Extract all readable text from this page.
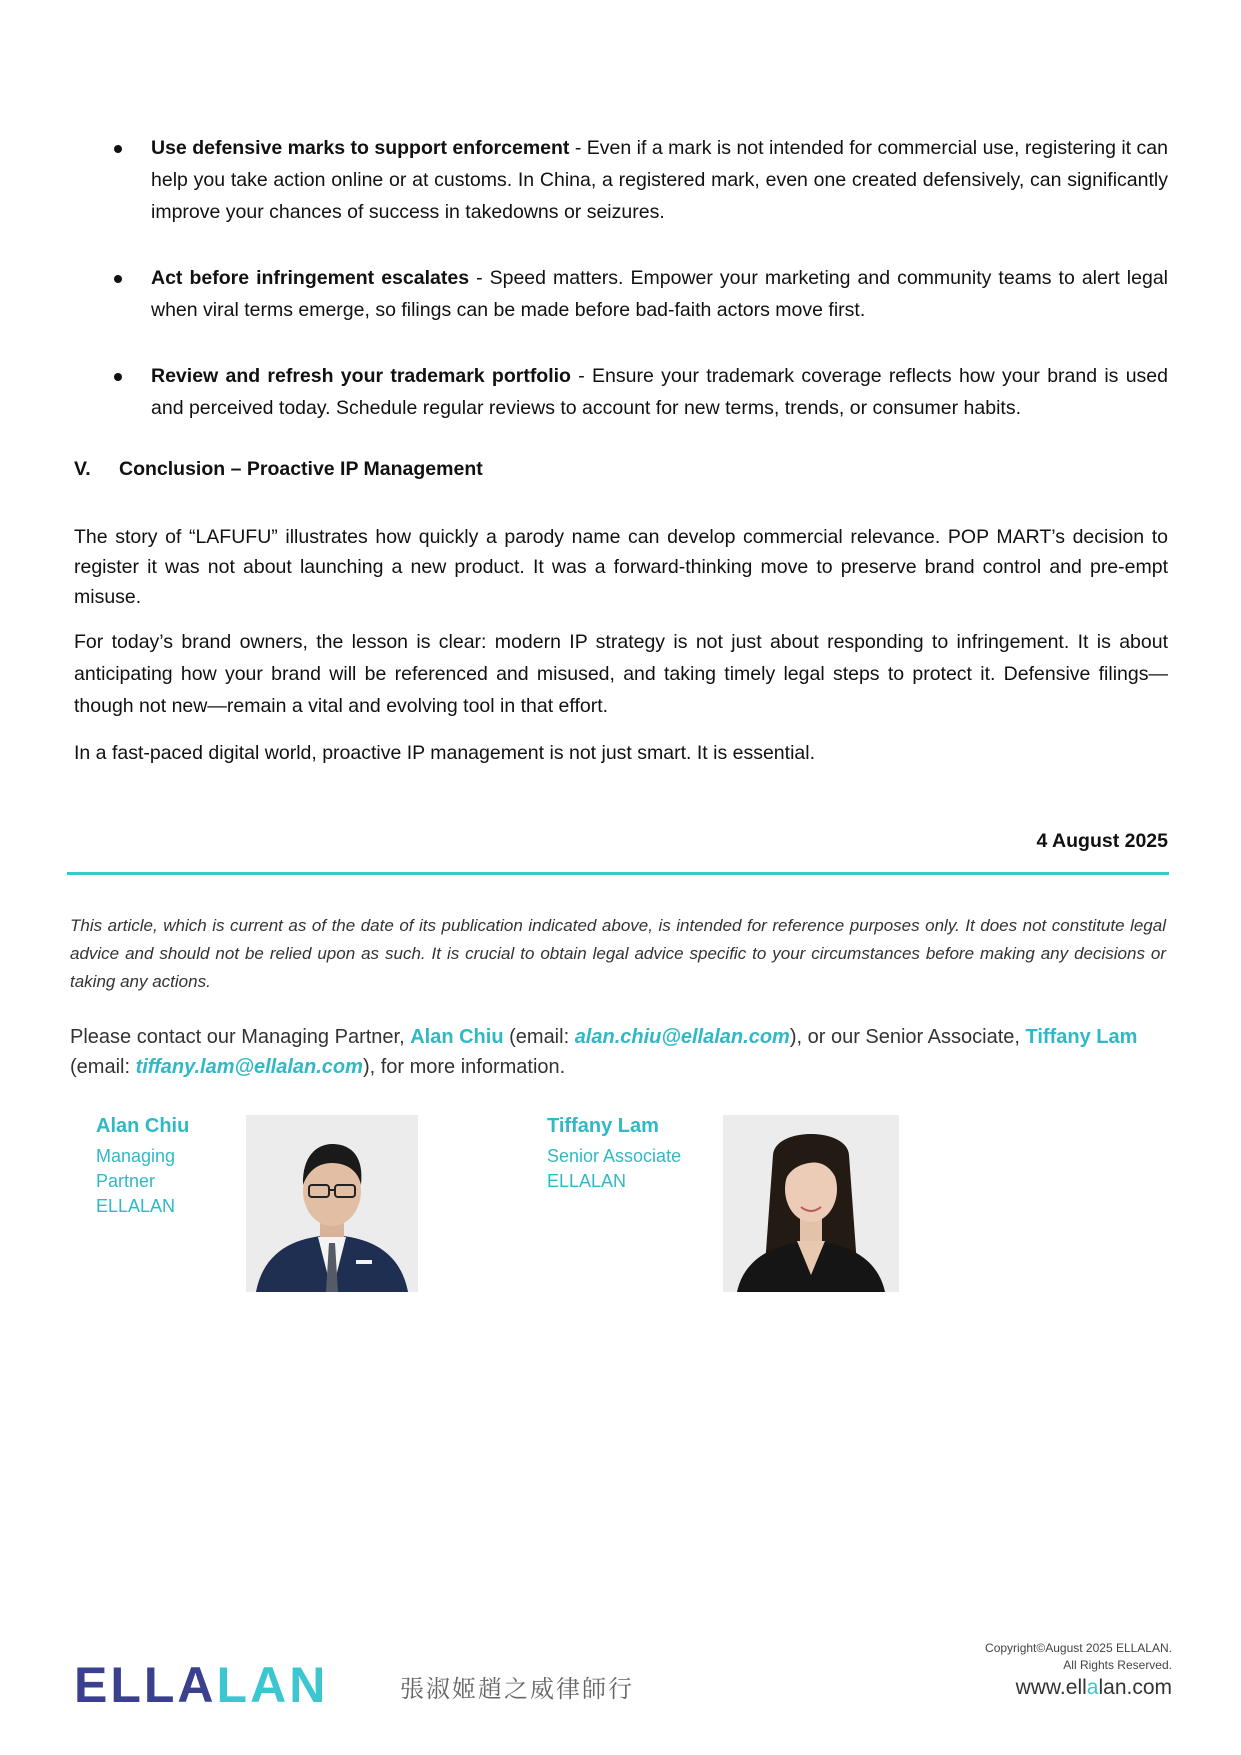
Use defensive marks to support enforcement - Even if a mark is not intended for commercial use, registering it can help you take action online or at customs. In China, a registered mark, even one created defensively, can significantly improve your chances of success in takedowns or seizures.
Act before infringement escalates - Speed matters. Empower your marketing and community teams to alert legal when viral terms emerge, so filings can be made before bad-faith actors move first.
Review and refresh your trademark portfolio - Ensure your trademark coverage reflects how your brand is used and perceived today. Schedule regular reviews to account for new terms, trends, or consumer habits.
V. Conclusion – Proactive IP Management

The story of “LAFUFU” illustrates how quickly a parody name can develop commercial relevance. POP MART’s decision to register it was not about launching a new product. It was a forward-thinking move to preserve brand control and pre-empt misuse.

For today’s brand owners, the lesson is clear: modern IP strategy is not just about responding to infringement. It is about anticipating how your brand will be referenced and misused, and taking timely legal steps to protect it. Defensive filings—though not new—remain a vital and evolving tool in that effort.

In a fast-paced digital world, proactive IP management is not just smart. It is essential.

4 August 2025
This article, which is current as of the date of its publication indicated above, is intended for reference purposes only. It does not constitute legal advice and should not be relied upon as such. It is crucial to obtain legal advice specific to your circumstances before making any decisions or taking any actions.
Please contact our Managing Partner, Alan Chiu (email: alan.chiu@ellalan.com), or our Senior Associate, Tiffany Lam (email: tiffany.lam@ellalan.com), for more information.
Alan Chiu
Managing
Partner
ELLALAN
Tiffany Lam
Senior Associate
ELLALAN
ELLALAN	張淑姬趙之威律師行
Copyright©August 2025 ELLALAN.
All Rights Reserved.
www.ellalan.com
